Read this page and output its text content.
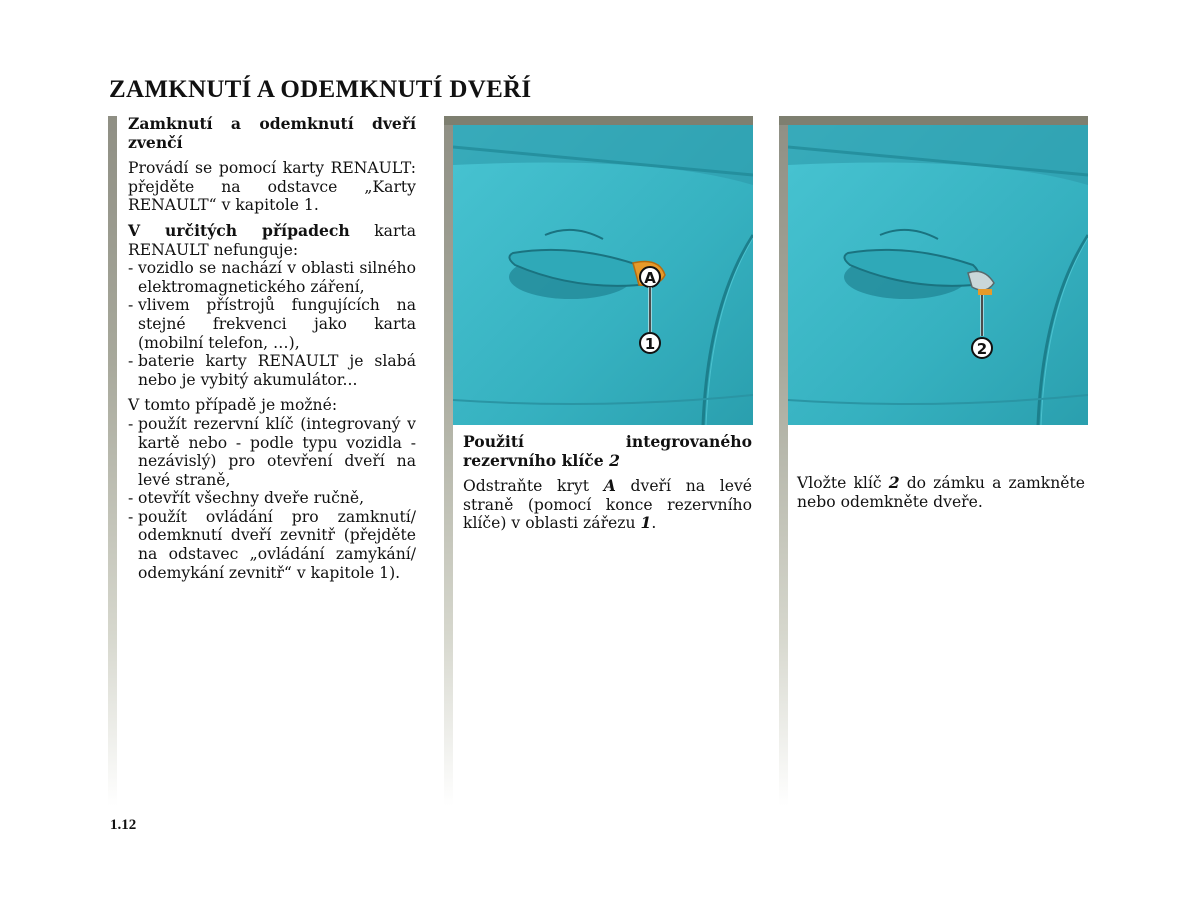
ZAMKNUTÍ A ODEMKNUTÍ DVEŘÍ
Zamknutí a odemknutí dveří zvenčí

Provádí se pomocí karty RENAULT: přejděte na odstavce „Karty RENAULT“ v kapitole 1.

V určitých případech karta RENAULT nefunguje:

- vozidlo se nachází v oblasti silného elektromagnetického záření,
- vlivem přístrojů fungujících na stejné frekvenci jako karta (mobilní telefon, …),
- baterie karty RENAULT je slabá nebo je vybitý akumulátor...

V tomto případě je možné:

- použít rezervní klíč (integrovaný v kartě nebo - podle typu vozidla - nezávislý) pro otevření dveří na levé straně,
- otevřít všechny dveře ručně,
- použít ovládání pro zamknutí/ odemknutí dveří zevnitř (přejděte na odstavec „ovládání zamykání/ odemykání zevnitř“ v kapitole 1).
A
1
Použití integrovaného rezervního klíče 2

Odstraňte kryt A dveří na levé straně (pomocí konce rezervního klíče) v oblasti zářezu 1.

2

Vložte klíč 2 do zámku a zamkněte nebo odemkněte dveře.

1.12
